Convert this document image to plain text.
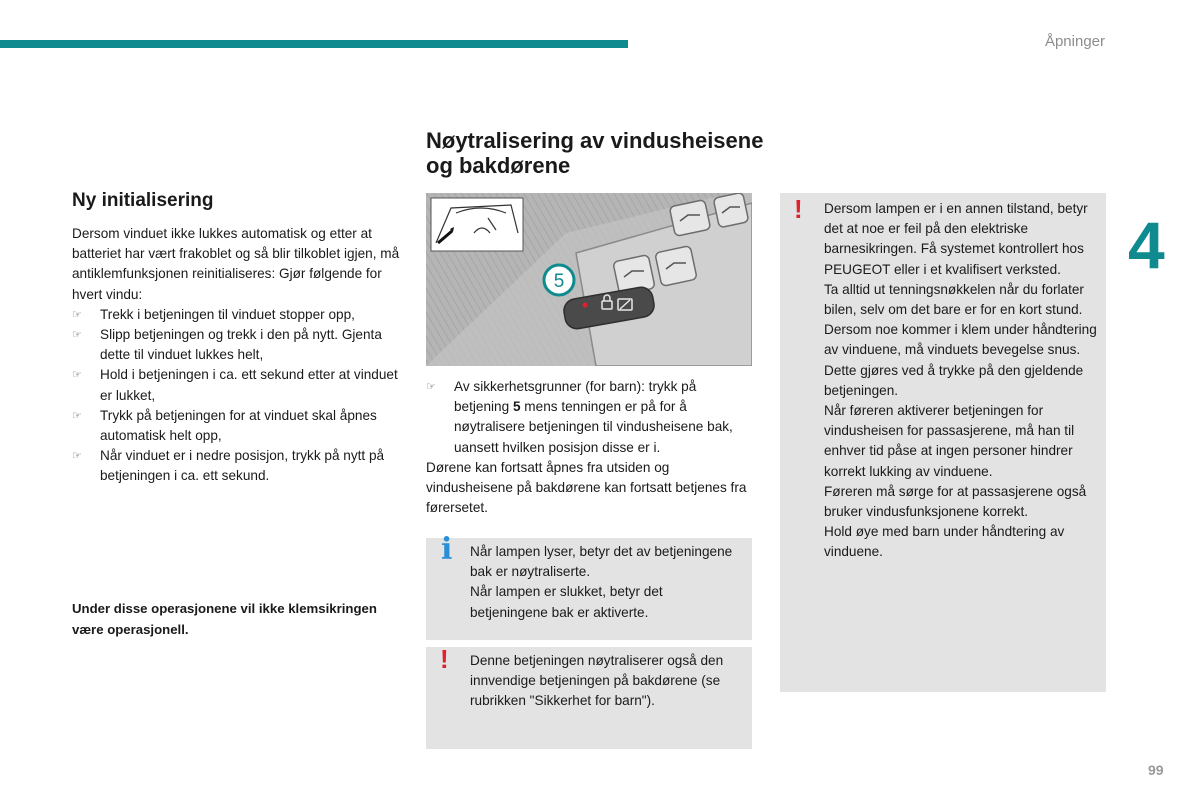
Åpninger
4
99
Ny initialisering

Dersom vinduet ikke lukkes automatisk og etter at batteriet har vært frakoblet og så blir tilkoblet igjen, må antiklemfunksjonen reinitialiseres: Gjør følgende for hvert vindu:

☞ Trekk i betjeningen til vinduet stopper opp,
☞ Slipp betjeningen og trekk i den på nytt. Gjenta dette til vinduet lukkes helt,
☞ Hold i betjeningen i ca. ett sekund etter at vinduet er lukket,
☞ Trykk på betjeningen for at vinduet skal åpnes automatisk helt opp,
☞ Når vinduet er i nedre posisjon, trykk på nytt på betjeningen i ca. ett sekund.
Under disse operasjonene vil ikke klemsikringen være operasjonell.
Nøytralisering av vindusheisene og bakdørene
5
☞ Av sikkerhetsgrunner (for barn): trykk på betjening 5 mens tenningen er på for å nøytralisere betjeningen til vindusheisene bak, uansett hvilken posisjon disse er i.

Dørene kan fortsatt åpnes fra utsiden og vindusheisene på bakdørene kan fortsatt betjenes fra førersetet.

i Når lampen lyser, betyr det av betjeningene bak er nøytraliserte.

Når lampen er slukket, betyr det betjeningene bak er aktiverte.

! Denne betjeningen nøytraliserer også den innvendige betjeningen på bakdørene (se rubrikken "Sikkerhet for barn").

! Dersom lampen er i en annen tilstand, betyr det at noe er feil på den elektriske barnesikringen. Få systemet kontrollert hos PEUGEOT eller i et kvalifisert verksted.

Ta alltid ut tenningsnøkkelen når du forlater bilen, selv om det bare er for en kort stund.

Dersom noe kommer i klem under håndtering av vinduene, må vinduets bevegelse snus. Dette gjøres ved å trykke på den gjeldende betjeningen.

Når føreren aktiverer betjeningen for vindusheisen for passasjerene, må han til enhver tid påse at ingen personer hindrer korrekt lukking av vinduene.

Føreren må sørge for at passasjerene også bruker vindusfunksjonene korrekt.

Hold øye med barn under håndtering av vinduene.
